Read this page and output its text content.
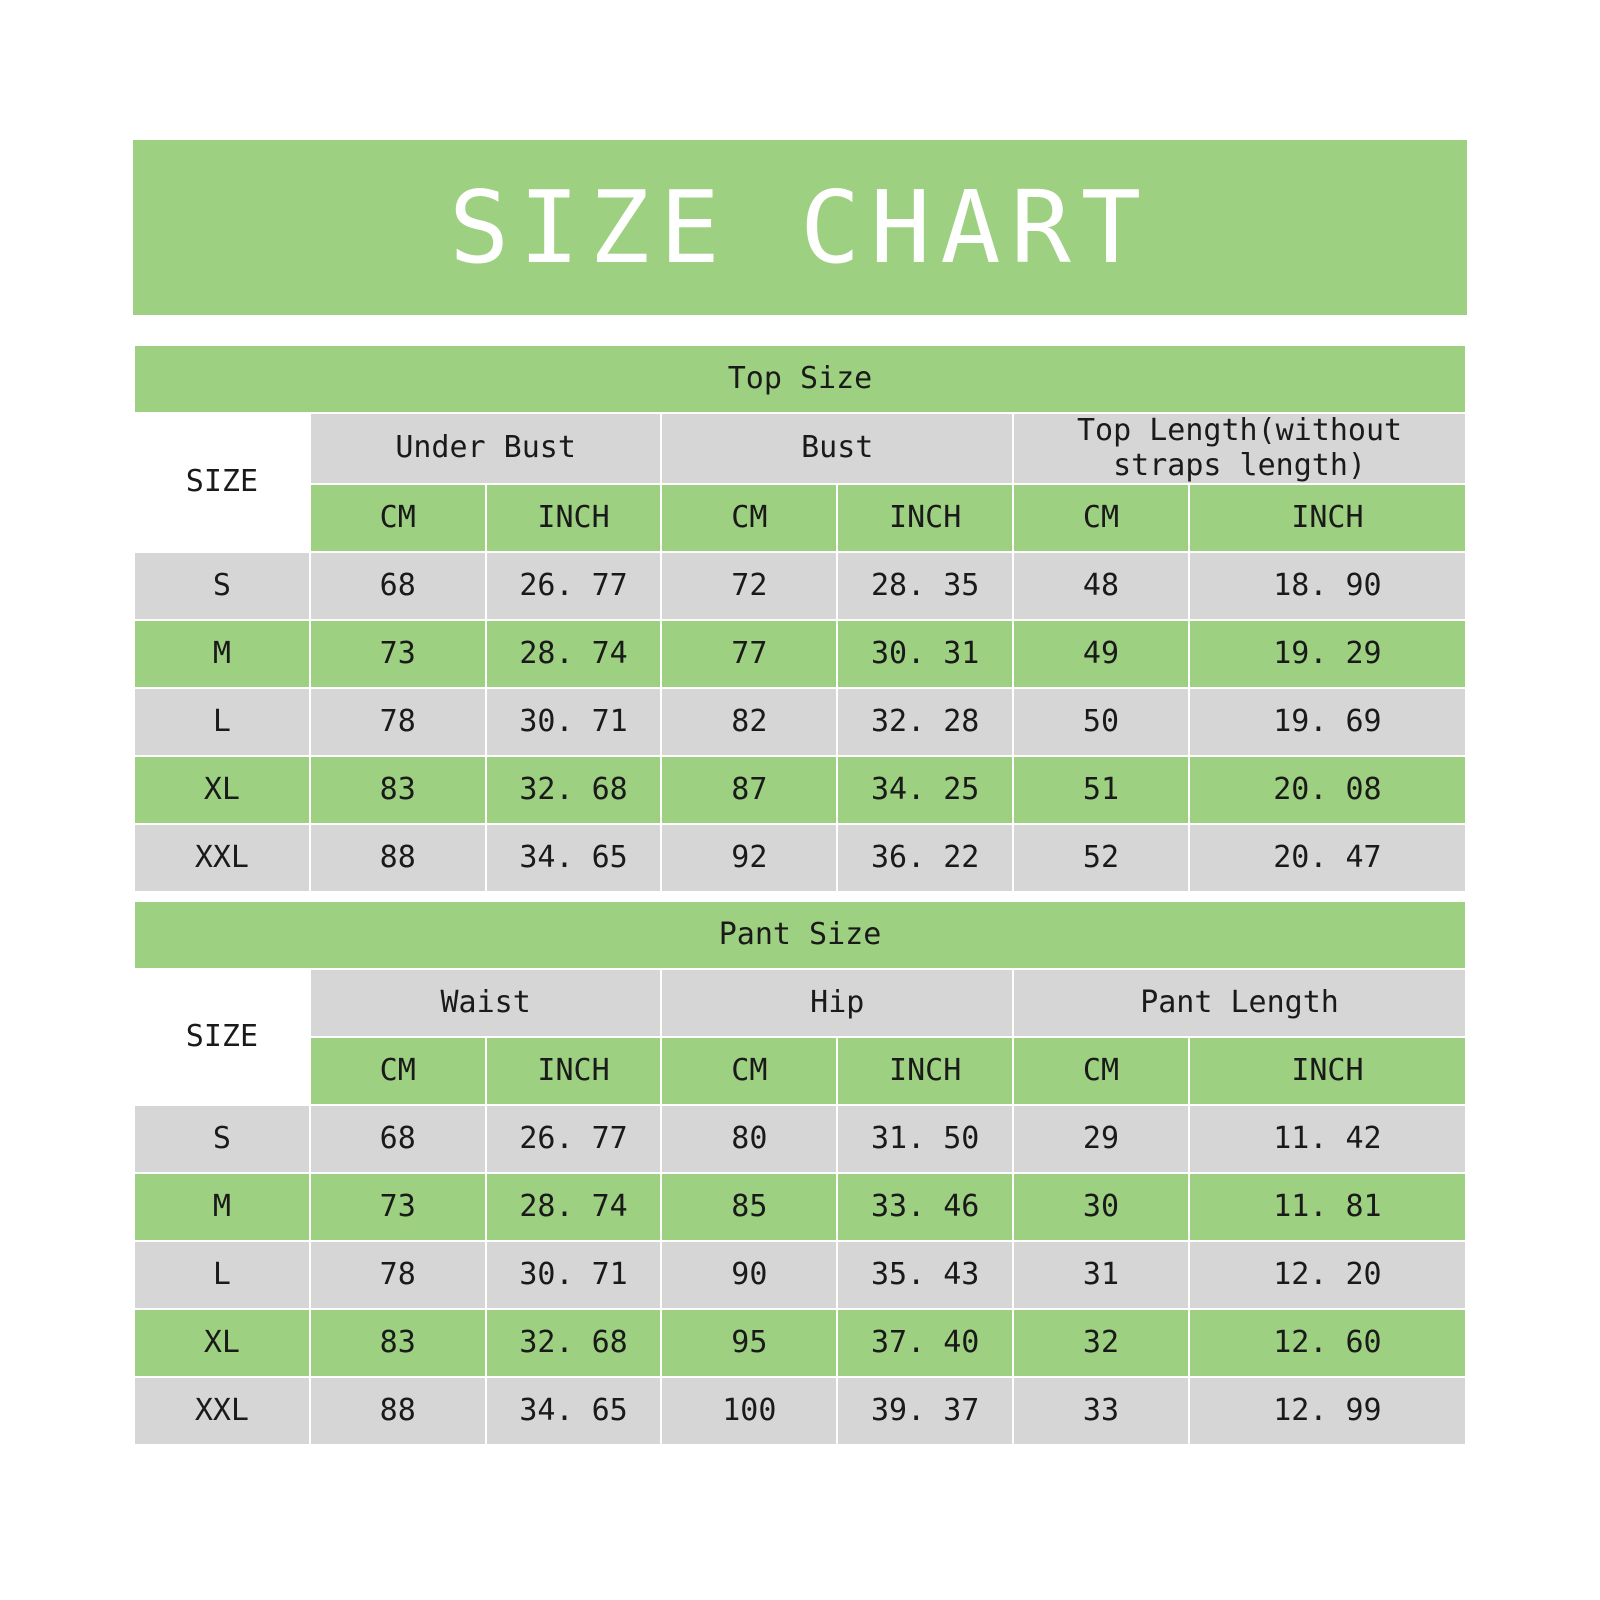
SIZE CHART
Top Size						
SIZE	Under Bust		Bust		Top Length(without straps length)	
	CM	INCH	CM	INCH	CM	INCH
S	68	26. 77	72	28. 35	48	18. 90
M	73	28. 74	77	30. 31	49	19. 29
L	78	30. 71	82	32. 28	50	19. 69
XL	83	32. 68	87	34. 25	51	20. 08
XXL	88	34. 65	92	36. 22	52	20. 47
Pant Size						
SIZE	Waist		Hip		Pant Length	
	CM	INCH	CM	INCH	CM	INCH
S	68	26. 77	80	31. 50	29	11. 42
M	73	28. 74	85	33. 46	30	11. 81
L	78	30. 71	90	35. 43	31	12. 20
XL	83	32. 68	95	37. 40	32	12. 60
XXL	88	34. 65	100	39. 37	33	12. 99
